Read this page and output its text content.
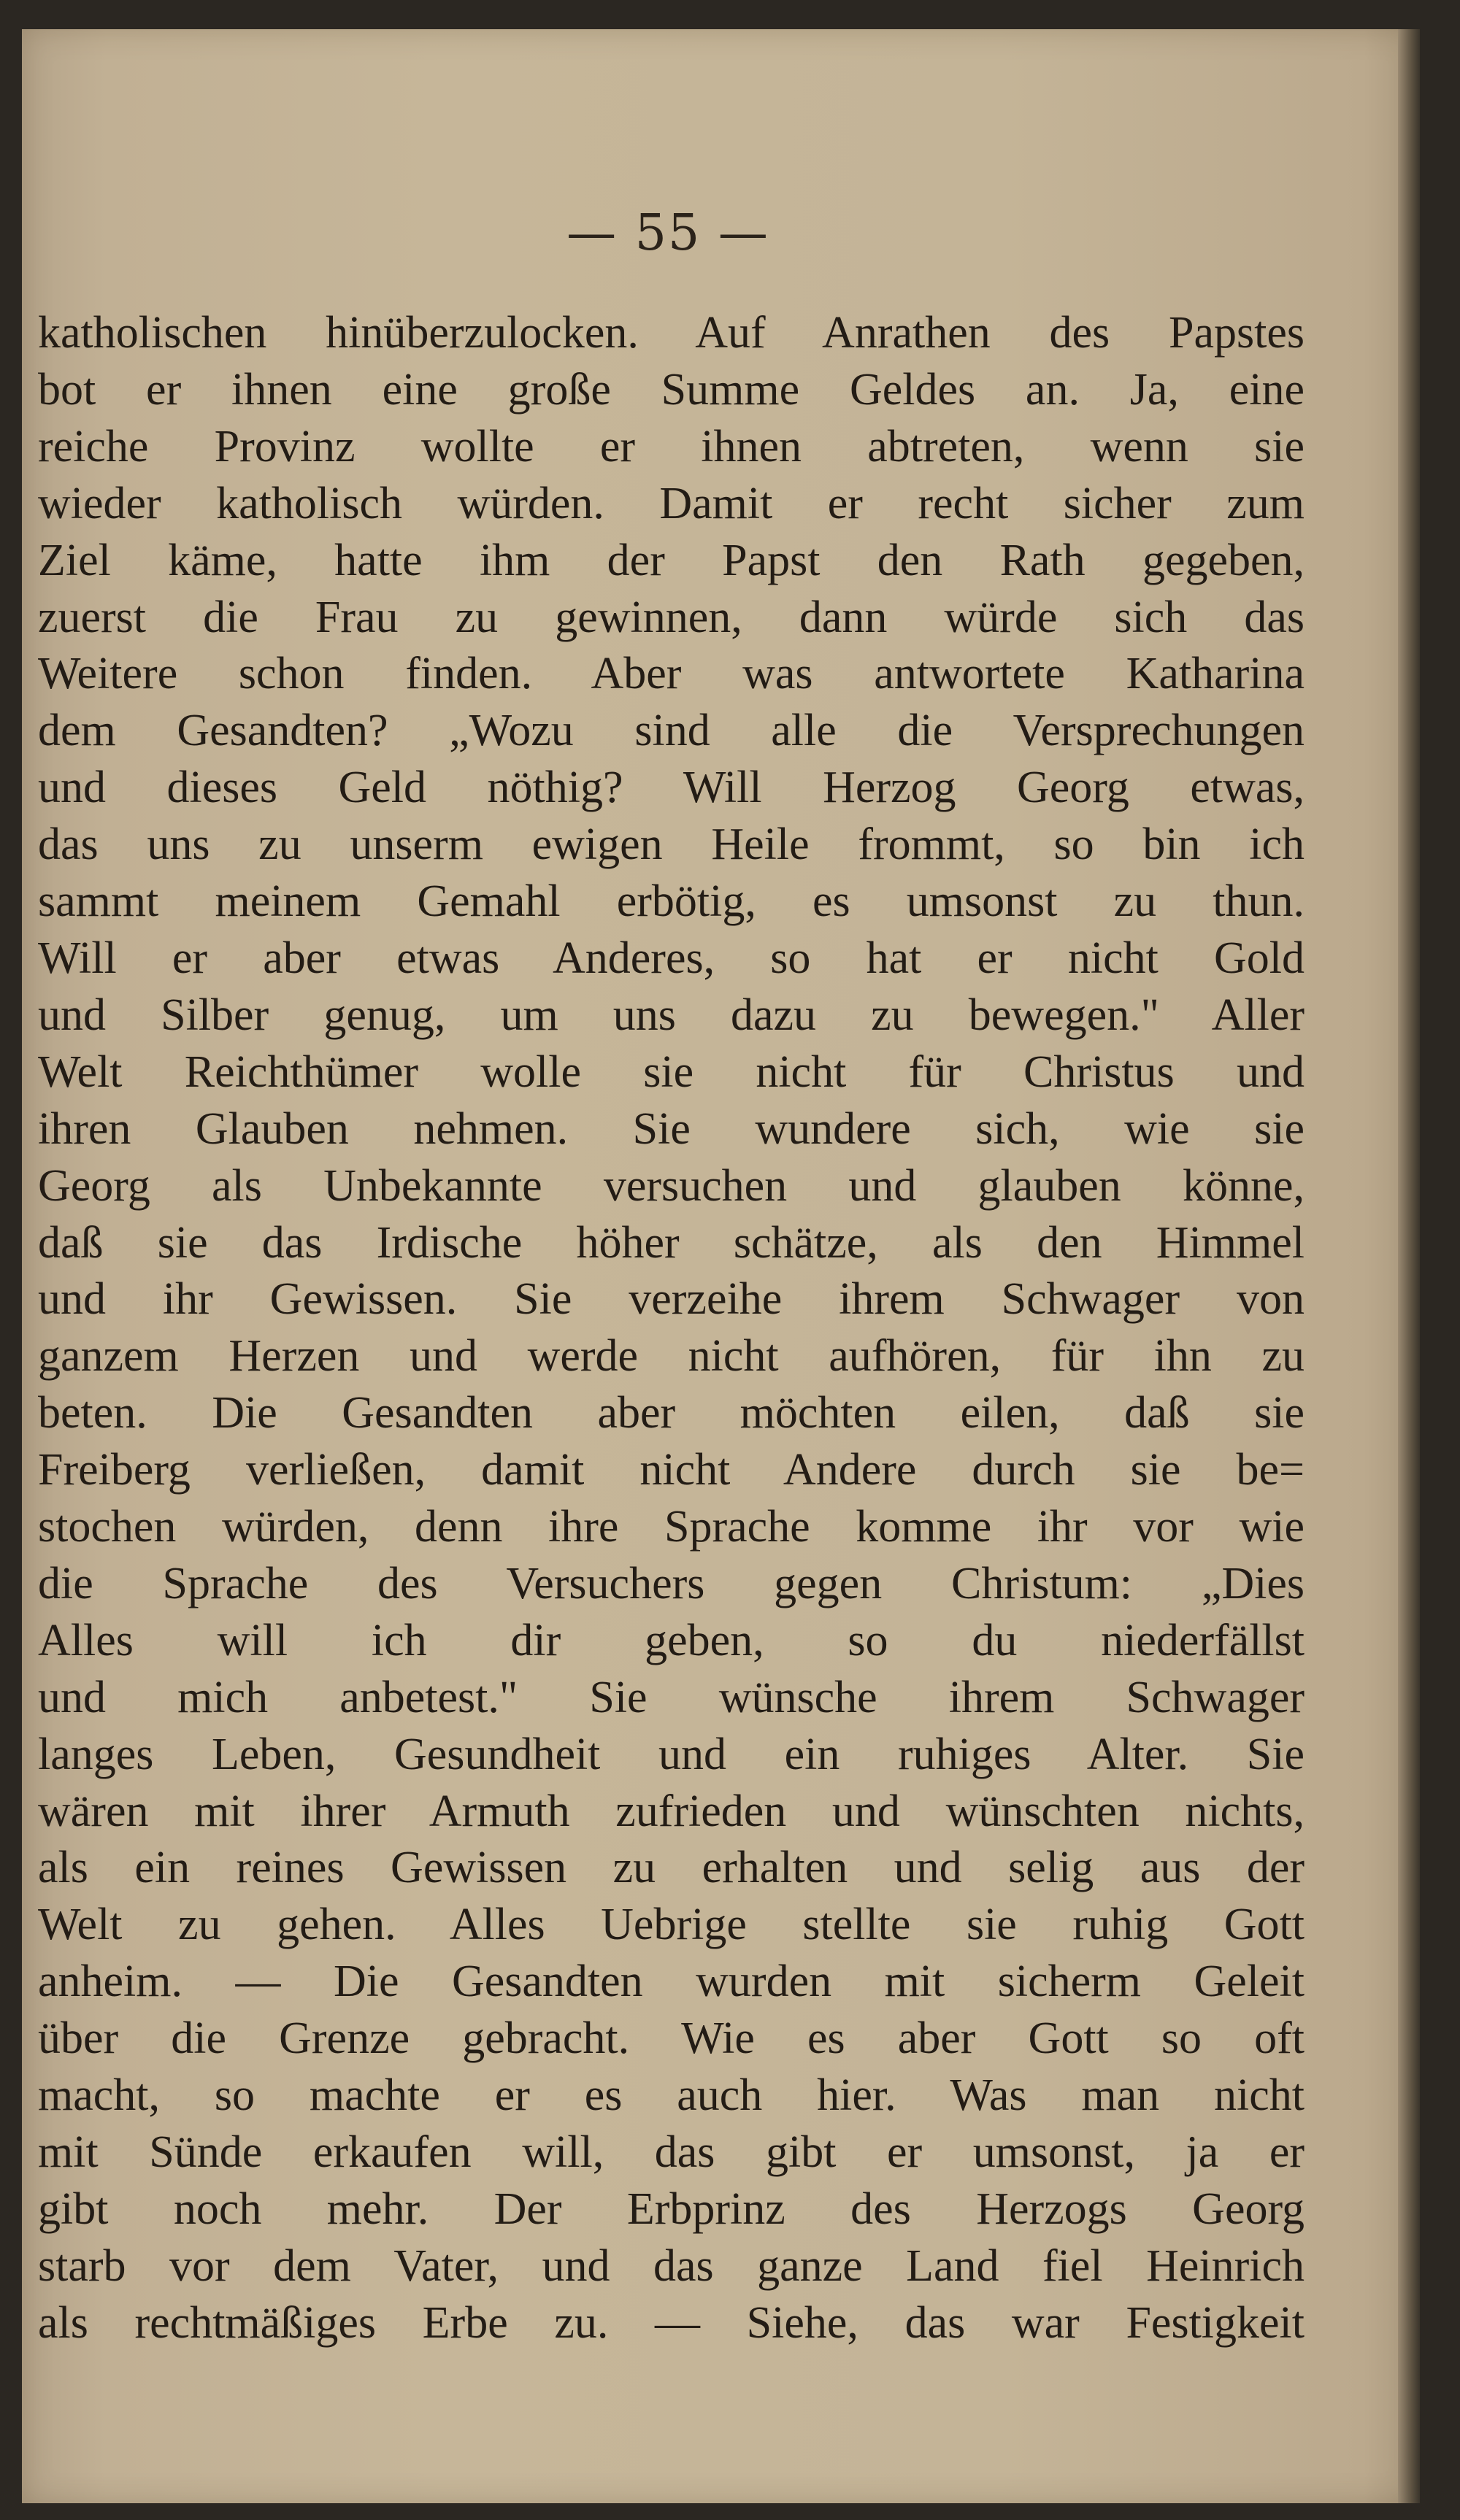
— 55 —
katholischen hinüberzulocken. Auf Anrathen des Papstes
bot er ihnen eine große Summe Geldes an. Ja, eine
reiche Provinz wollte er ihnen abtreten, wenn sie
wieder katholisch würden. Damit er recht sicher zum
Ziel käme, hatte ihm der Papst den Rath gegeben,
zuerst die Frau zu gewinnen, dann würde sich das
Weitere schon finden. Aber was antwortete Katharina
dem Gesandten? „Wozu sind alle die Versprechungen
und dieses Geld nöthig? Will Herzog Georg etwas,
das uns zu unserm ewigen Heile frommt, so bin ich
sammt meinem Gemahl erbötig, es umsonst zu thun.
Will er aber etwas Anderes, so hat er nicht Gold
und Silber genug, um uns dazu zu bewegen." Aller
Welt Reichthümer wolle sie nicht für Christus und
ihren Glauben nehmen. Sie wundere sich, wie sie
Georg als Unbekannte versuchen und glauben könne,
daß sie das Irdische höher schätze, als den Himmel
und ihr Gewissen. Sie verzeihe ihrem Schwager von
ganzem Herzen und werde nicht aufhören, für ihn zu
beten. Die Gesandten aber möchten eilen, daß sie
Freiberg verließen, damit nicht Andere durch sie be=
stochen würden, denn ihre Sprache komme ihr vor wie
die Sprache des Versuchers gegen Christum: „Dies
Alles will ich dir geben, so du niederfällst
und mich anbetest." Sie wünsche ihrem Schwager
langes Leben, Gesundheit und ein ruhiges Alter. Sie
wären mit ihrer Armuth zufrieden und wünschten nichts,
als ein reines Gewissen zu erhalten und selig aus der
Welt zu gehen. Alles Uebrige stellte sie ruhig Gott
anheim. — Die Gesandten wurden mit sicherm Geleit
über die Grenze gebracht. Wie es aber Gott so oft
macht, so machte er es auch hier. Was man nicht
mit Sünde erkaufen will, das gibt er umsonst, ja er
gibt noch mehr. Der Erbprinz des Herzogs Georg
starb vor dem Vater, und das ganze Land fiel Heinrich
als rechtmäßiges Erbe zu. — Siehe, das war Festigkeit
